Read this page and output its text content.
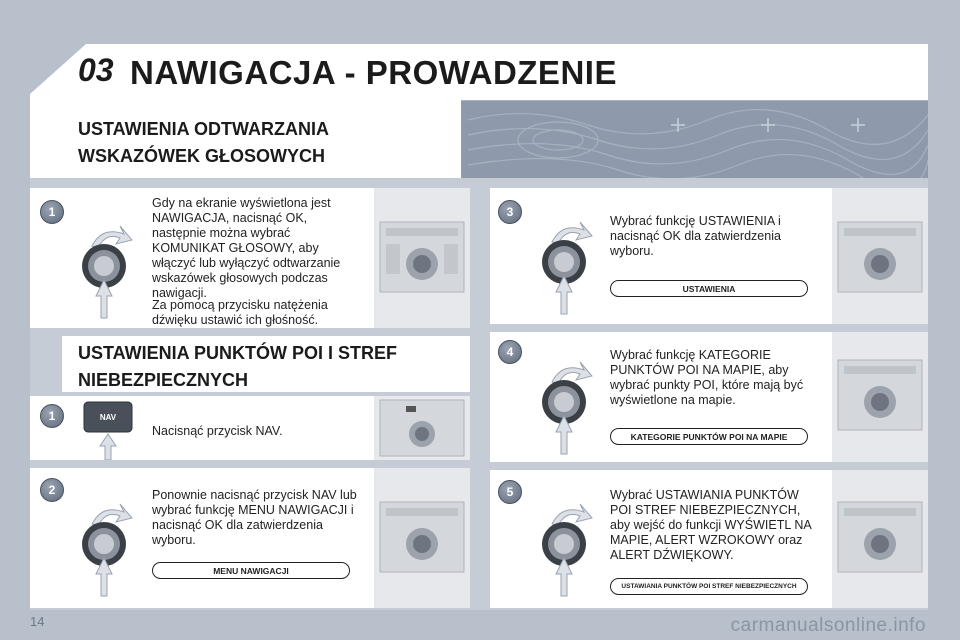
03 NAWIGACJA - PROWADZENIE
USTAWIENIA ODTWARZANIA
WSKAZÓWEK GŁOSOWYCH
1
Gdy na ekranie wyświetlona jest NAWIGACJA, nacisnąć OK, następnie można wybrać KOMUNIKAT GŁOSOWY, aby włączyć lub wyłączyć odtwarzanie wskazówek głosowych podczas nawigacji.
Za pomocą przycisku natężenia dźwięku ustawić ich głośność.
USTAWIENIA PUNKTÓW POI I STREF
NIEBEZPIECZNYCH
1	NAV
Nacisnąć przycisk NAV.
2	Ponownie nacisnąć przycisk NAV lub wybrać funkcję MENU NAWIGACJI i nacisnąć OK dla zatwierdzenia wyboru.
MENU NAWIGACJI
3
Wybrać funkcję USTAWIENIA i nacisnąć OK dla zatwierdzenia wyboru.
USTAWIENIA
4	Wybrać funkcję KATEGORIE PUNKTÓW POI NA MAPIE, aby wybrać punkty POI, które mają być wyświetlone na mapie.
KATEGORIE PUNKTÓW POI NA MAPIE
5	Wybrać USTAWIANIA PUNKTÓW POI STREF NIEBEZPIECZNYCH, aby wejść do funkcji WYŚWIETL NA MAPIE, ALERT WZROKOWY oraz ALERT DŹWIĘKOWY.
USTAWIANIA PUNKTÓW POI STREF NIEBEZPIECZNYCH
14	carmanualsonline.info
